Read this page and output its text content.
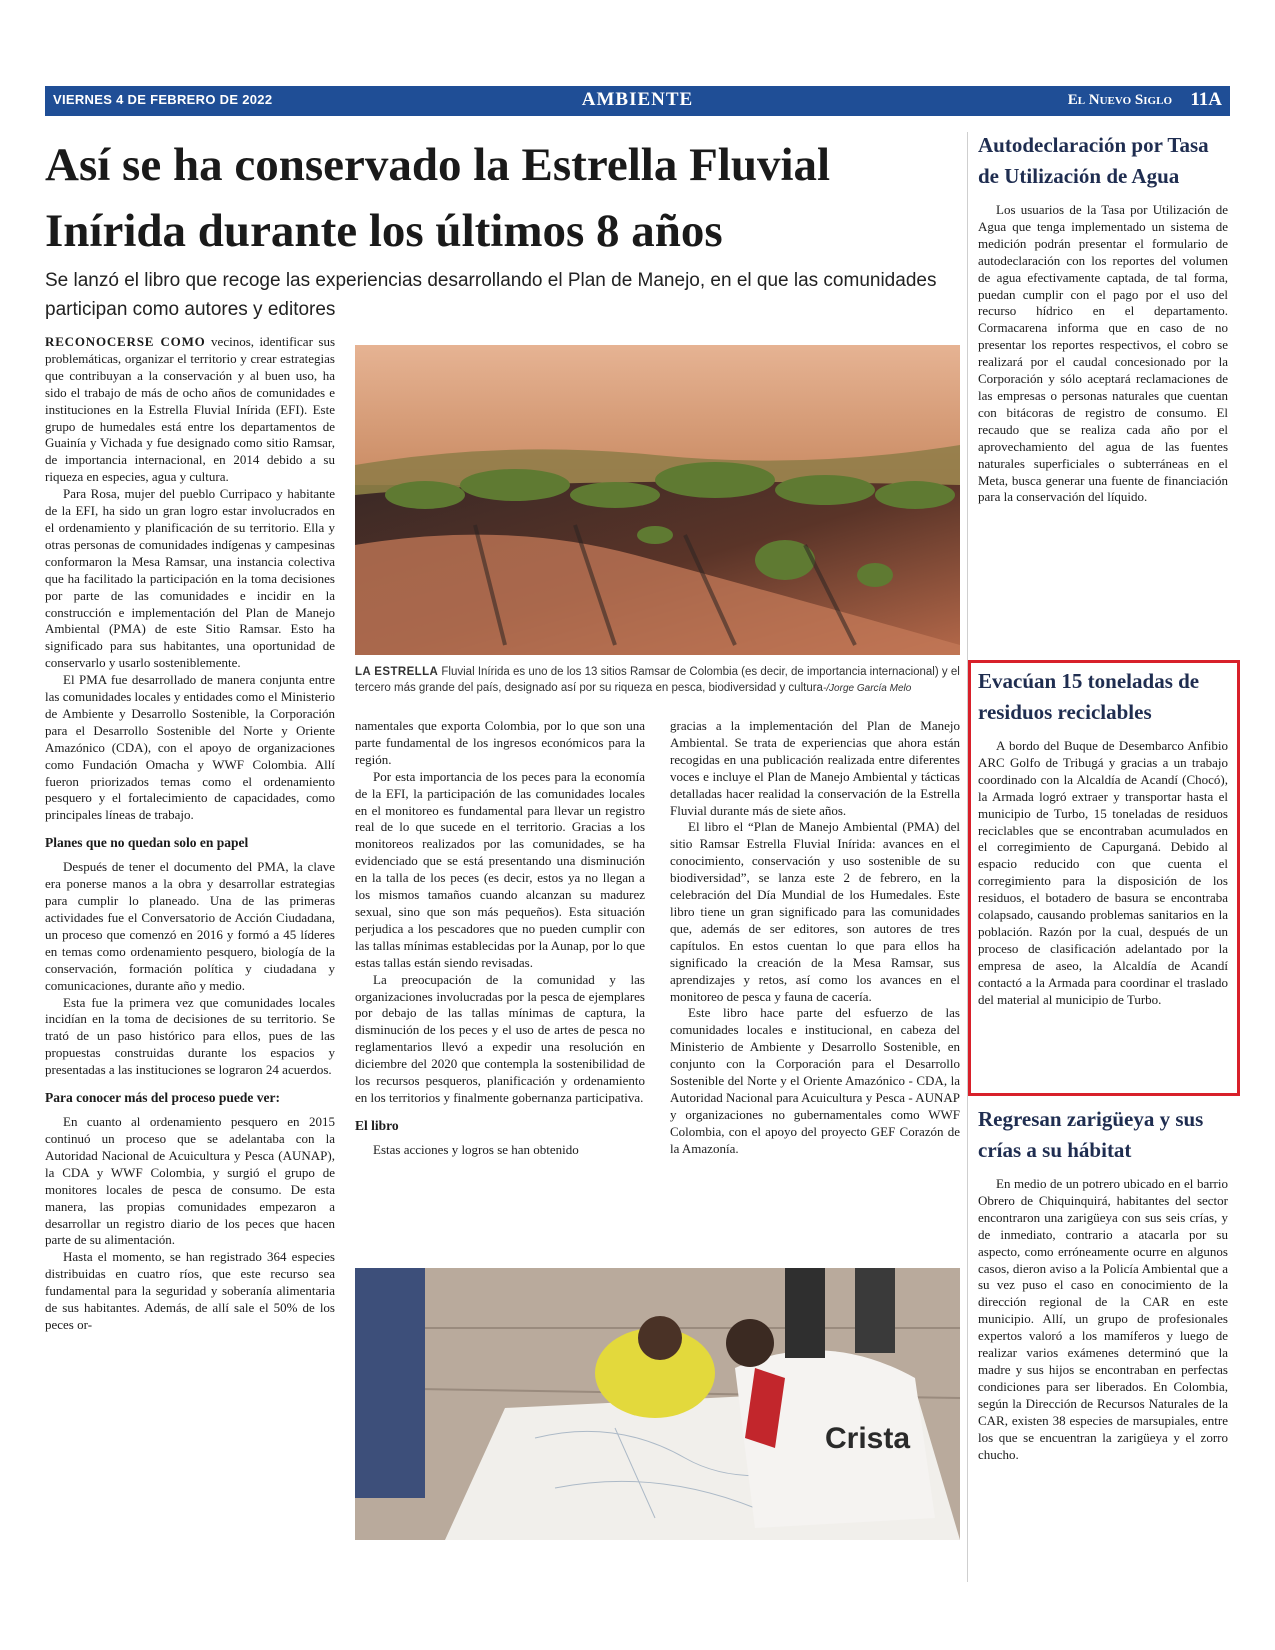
VIERNES 4 DE FEBRERO DE 2022	AMBIENTE	El Nuevo Siglo 11A
Así se ha conservado la Estrella Fluvial Inírida durante los últimos 8 años

Se lanzó el libro que recoge las experiencias desarrollando el Plan de Manejo, en el que las comunidades participan como autores y editores

RECONOCERSE COMO vecinos, identificar sus problemáticas, organizar el territorio y crear estrategias que contribuyan a la conservación y al buen uso, ha sido el trabajo de más de ocho años de comunidades e instituciones en la Estrella Fluvial Inírida (EFI). Este grupo de humedales está entre los departamentos de Guainía y Vichada y fue designado como sitio Ramsar, de importancia internacional, en 2014 debido a su riqueza en especies, agua y cultura.

Para Rosa, mujer del pueblo Curripaco y habitante de la EFI, ha sido un gran logro estar involucrados en el ordenamiento y planificación de su territorio. Ella y otras personas de comunidades indígenas y campesinas conformaron la Mesa Ramsar, una instancia colectiva que ha facilitado la participación en la toma decisiones por parte de las comunidades e incidir en la construcción e implementación del Plan de Manejo Ambiental (PMA) de este Sitio Ramsar. Esto ha significado para sus habitantes, una oportunidad de conservarlo y usarlo sosteniblemente.

El PMA fue desarrollado de manera conjunta entre las comunidades locales y entidades como el Ministerio de Ambiente y Desarrollo Sostenible, la Corporación para el Desarrollo Sostenible del Norte y Oriente Amazónico (CDA), con el apoyo de organizaciones como Fundación Omacha y WWF Colombia. Allí fueron priorizados temas como el ordenamiento pesquero y el fortalecimiento de capacidades, como principales líneas de trabajo.

Planes que no quedan solo en papel

Después de tener el documento del PMA, la clave era ponerse manos a la obra y desarrollar estrategias para cumplir lo planeado. Una de las primeras actividades fue el Conversatorio de Acción Ciudadana, un proceso que comenzó en 2016 y formó a 45 líderes en temas como ordenamiento pesquero, biología de la conservación, formación política y ciudadana y comunicaciones, durante año y medio.

Esta fue la primera vez que comunidades locales incidían en la toma de decisiones de su territorio. Se trató de un paso histórico para ellos, pues de las propuestas construidas durante los espacios y presentadas a las instituciones se lograron 24 acuerdos.

Para conocer más del proceso puede ver:

En cuanto al ordenamiento pesquero en 2015 continuó un proceso que se adelantaba con la Autoridad Nacional de Acuicultura y Pesca (AUNAP), la CDA y WWF Colombia, y surgió el grupo de monitores locales de pesca de consumo. De esta manera, las propias comunidades empezaron a desarrollar un registro diario de los peces que hacen parte de su alimentación.

Hasta el momento, se han registrado 364 especies distribuidas en cuatro ríos, que este recurso sea fundamental para la seguridad y soberanía alimentaria de sus habitantes. Además, de allí sale el 50% de los peces or-

LA ESTRELLA Fluvial Inírida es uno de los 13 sitios Ramsar de Colombia (es decir, de importancia internacional) y el tercero más grande del país, designado así por su riqueza en pesca, biodiversidad y cultura-/Jorge García Melo

namentales que exporta Colombia, por lo que son una parte fundamental de los ingresos económicos para la región.

Por esta importancia de los peces para la economía de la EFI, la participación de las comunidades locales en el monitoreo es fundamental para llevar un registro real de lo que sucede en el territorio. Gracias a los monitoreos realizados por las comunidades, se ha evidenciado que se está presentando una disminución en la talla de los peces (es decir, estos ya no llegan a los mismos tamaños cuando alcanzan su madurez sexual, sino que son más pequeños). Esta situación perjudica a los pescadores que no pueden cumplir con las tallas mínimas establecidas por la Aunap, por lo que estas tallas están siendo revisadas.

La preocupación de la comunidad y las organizaciones involucradas por la pesca de ejemplares por debajo de las tallas mínimas de captura, la disminución de los peces y el uso de artes de pesca no reglamentarios llevó a expedir una resolución en diciembre del 2020 que contempla la sostenibilidad de los recursos pesqueros, planificación y ordenamiento en los territorios y finalmente gobernanza participativa.

El libro

Estas acciones y logros se han obtenido

gracias a la implementación del Plan de Manejo Ambiental. Se trata de experiencias que ahora están recogidas en una publicación realizada entre diferentes voces e incluye el Plan de Manejo Ambiental y tácticas detalladas hacer realidad la conservación de la Estrella Fluvial durante más de siete años.

El libro el “Plan de Manejo Ambiental (PMA) del sitio Ramsar Estrella Fluvial Inírida: avances en el conocimiento, conservación y uso sostenible de su biodiversidad”, se lanza este 2 de febrero, en la celebración del Día Mundial de los Humedales. Este libro tiene un gran significado para las comunidades que, además de ser editores, son autores de tres capítulos. En estos cuentan lo que para ellos ha significado la creación de la Mesa Ramsar, sus aprendizajes y retos, así como los avances en el monitoreo de pesca y fauna de cacería.

Este libro hace parte del esfuerzo de las comunidades locales e institucional, en cabeza del Ministerio de Ambiente y Desarrollo Sostenible, en conjunto con la Corporación para el Desarrollo Sostenible del Norte y el Oriente Amazónico - CDA, la Autoridad Nacional para Acuicultura y Pesca - AUNAP y organizaciones no gubernamentales como WWF Colombia, con el apoyo del proyecto GEF Corazón de la Amazonía.

Crista
Autodeclaración por Tasa de Utilización de Agua

Los usuarios de la Tasa por Utilización de Agua que tenga implementado un sistema de medición podrán presentar el formulario de autodeclaración con los reportes del volumen de agua efectivamente captada, de tal forma, puedan cumplir con el pago por el uso del recurso hídrico en el departamento. Cormacarena informa que en caso de no presentar los reportes respectivos, el cobro se realizará por el caudal concesionado por la Corporación y sólo aceptará reclamaciones de las empresas o personas naturales que cuentan con bitácoras de registro de consumo. El recaudo que se realiza cada año por el aprovechamiento del agua de las fuentes naturales superficiales o subterráneas en el Meta, busca generar una fuente de financiación para la conservación del líquido.

Evacúan 15 toneladas de residuos reciclables

A bordo del Buque de Desembarco Anfibio ARC Golfo de Tribugá y gracias a un trabajo coordinado con la Alcaldía de Acandí (Chocó), la Armada logró extraer y transportar hasta el municipio de Turbo, 15 toneladas de residuos reciclables que se encontraban acumulados en el corregimiento de Capurganá. Debido al espacio reducido con que cuenta el corregimiento para la disposición de los residuos, el botadero de basura se encontraba colapsado, causando problemas sanitarios en la población. Razón por la cual, después de un proceso de clasificación adelantado por la empresa de aseo, la Alcaldía de Acandí contactó a la Armada para coordinar el traslado del material al municipio de Turbo.

Regresan zarigüeya y sus crías a su hábitat

En medio de un potrero ubicado en el barrio Obrero de Chiquinquirá, habitantes del sector encontraron una zarigüeya con sus seis crías, y de inmediato, contrario a atacarla por su aspecto, como erróneamente ocurre en algunos casos, dieron aviso a la Policía Ambiental que a su vez puso el caso en conocimiento de la dirección regional de la CAR en este municipio. Allí, un grupo de profesionales expertos valoró a los mamíferos y luego de realizar varios exámenes determinó que la madre y sus hijos se encontraban en perfectas condiciones para ser liberados. En Colombia, según la Dirección de Recursos Naturales de la CAR, existen 38 especies de marsupiales, entre los que se encuentran la zarigüeya y el zorro chucho.
